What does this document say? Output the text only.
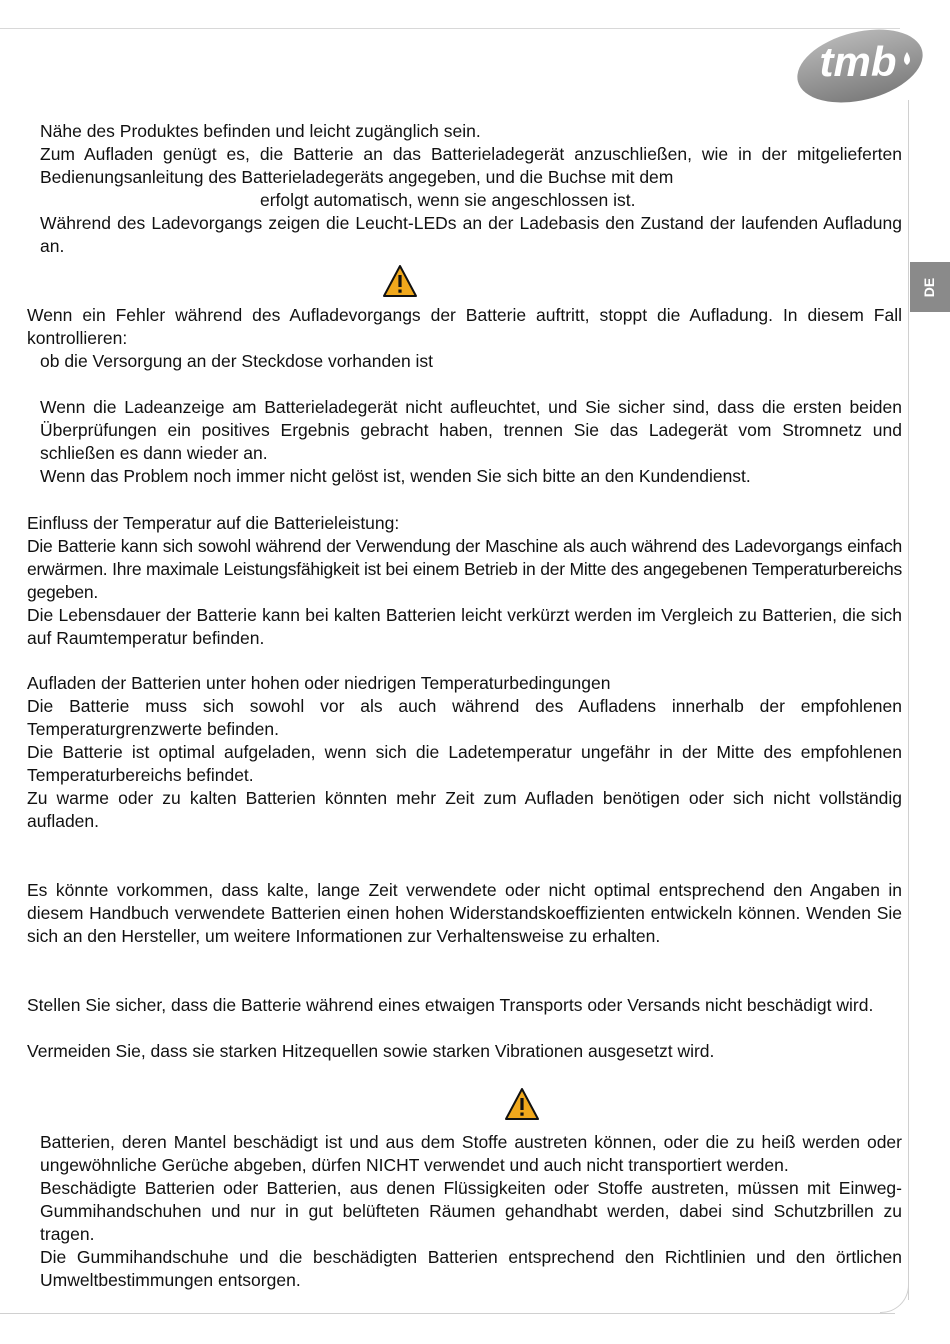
tmb
DE

Nähe des Produktes befinden und leicht zugänglich sein.

Zum Aufladen genügt es, die Batterie an das Batterieladegerät anzuschließen, wie in der mitgelieferten Bedienungsanleitung des Batterieladegeräts angegeben, und die Buchse mit dem

erfolgt automatisch, wenn sie angeschlossen ist.

Während des Ladevorgangs zeigen die Leucht-LEDs an der Ladebasis den Zustand der laufenden Aufladung an.

Wenn ein Fehler während des Aufladevorgangs der Batterie auftritt, stoppt die Aufladung. In diesem Fall kontrollieren:

ob die Versorgung an der Steckdose vorhanden ist

Wenn die Ladeanzeige am Batterieladegerät nicht aufleuchtet, und Sie sicher sind, dass die ersten beiden Überprüfungen ein positives Ergebnis gebracht haben, trennen Sie das Ladegerät vom Stromnetz und schließen es dann wieder an.

Wenn das Problem noch immer nicht gelöst ist, wenden Sie sich bitte an den Kundendienst.

Einfluss der Temperatur auf die Batterieleistung:

Die Batterie kann sich sowohl während der Verwendung der Maschine als auch während des Ladevorgangs einfach erwärmen. Ihre maximale Leistungsfähigkeit ist bei einem Betrieb in der Mitte des angegebenen Temperaturbereichs gegeben.

Die Lebensdauer der Batterie kann bei kalten Batterien leicht verkürzt werden im Vergleich zu Batterien, die sich auf Raumtemperatur befinden.

Aufladen der Batterien unter hohen oder niedrigen Temperaturbedingungen

Die Batterie muss sich sowohl vor als auch während des Aufladens innerhalb der empfohlenen Temperaturgrenzwerte befinden.

Die Batterie ist optimal aufgeladen, wenn sich die Ladetemperatur ungefähr in der Mitte des empfohlenen Temperaturbereichs befindet.

Zu warme oder zu kalten Batterien könnten mehr Zeit zum Aufladen benötigen oder sich nicht vollständig aufladen.

Es könnte vorkommen, dass kalte, lange Zeit verwendete oder nicht optimal entsprechend den Angaben in diesem Handbuch verwendete Batterien einen hohen Widerstandskoeffizienten entwickeln können. Wenden Sie sich an den Hersteller, um weitere Informationen zur Verhaltensweise zu erhalten.

Stellen Sie sicher, dass die Batterie während eines etwaigen Transports oder Versands nicht beschädigt wird.

Vermeiden Sie, dass sie starken Hitzequellen sowie starken Vibrationen ausgesetzt wird.

Batterien, deren Mantel beschädigt ist und aus dem Stoffe austreten können, oder die zu heiß werden oder ungewöhnliche Gerüche abgeben, dürfen NICHT verwendet und auch nicht transportiert werden.

Beschädigte Batterien oder Batterien, aus denen Flüssigkeiten oder Stoffe austreten, müssen mit Einweg-Gummihandschuhen und nur in gut belüfteten Räumen gehandhabt werden, dabei sind Schutzbrillen zu tragen.

Die Gummihandschuhe und die beschädigten Batterien entsprechend den Richtlinien und den örtlichen Umweltbestimmungen entsorgen.
